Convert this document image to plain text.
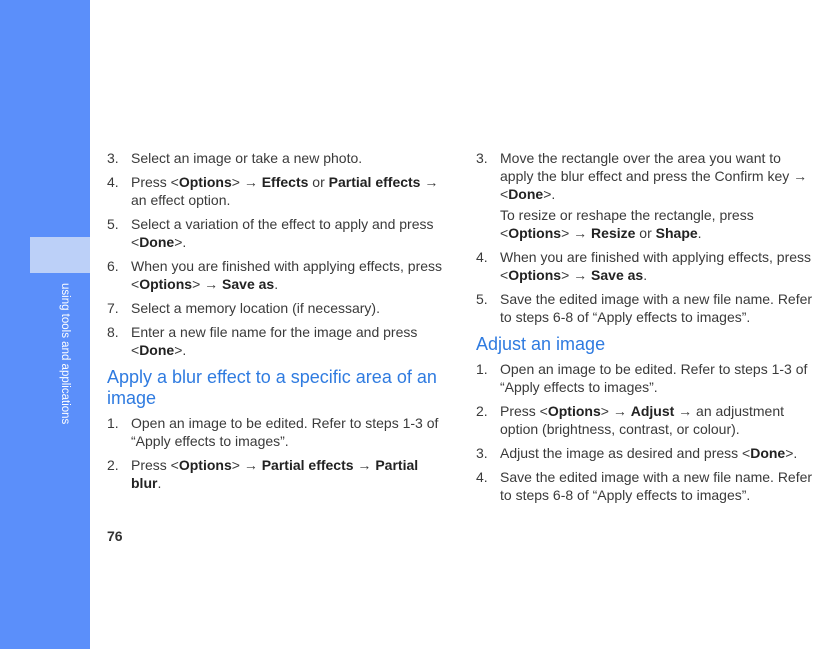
using tools and applications
3. Select an image or take a new photo.
4. Press <Options> → Effects or Partial effects → an effect option.
5. Select a variation of the effect to apply and press <Done>.
6. When you are finished with applying effects, press <Options> → Save as.
7. Select a memory location (if necessary).
8. Enter a new file name for the image and press <Done>.
Apply a blur effect to a specific area of an image
1. Open an image to be edited. Refer to steps 1-3 of “Apply effects to images”.
2. Press <Options> → Partial effects → Partial blur.
3. Move the rectangle over the area you want to apply the blur effect and press the Confirm key → <Done>.
To resize or reshape the rectangle, press <Options> → Resize or Shape.
4. When you are finished with applying effects, press <Options> → Save as.
5. Save the edited image with a new file name. Refer to steps 6-8 of “Apply effects to images”.
Adjust an image
1. Open an image to be edited. Refer to steps 1-3 of “Apply effects to images”.
2. Press <Options> → Adjust → an adjustment option (brightness, contrast, or colour).
3. Adjust the image as desired and press <Done>.
4. Save the edited image with a new file name. Refer to steps 6-8 of “Apply effects to images”.
76
